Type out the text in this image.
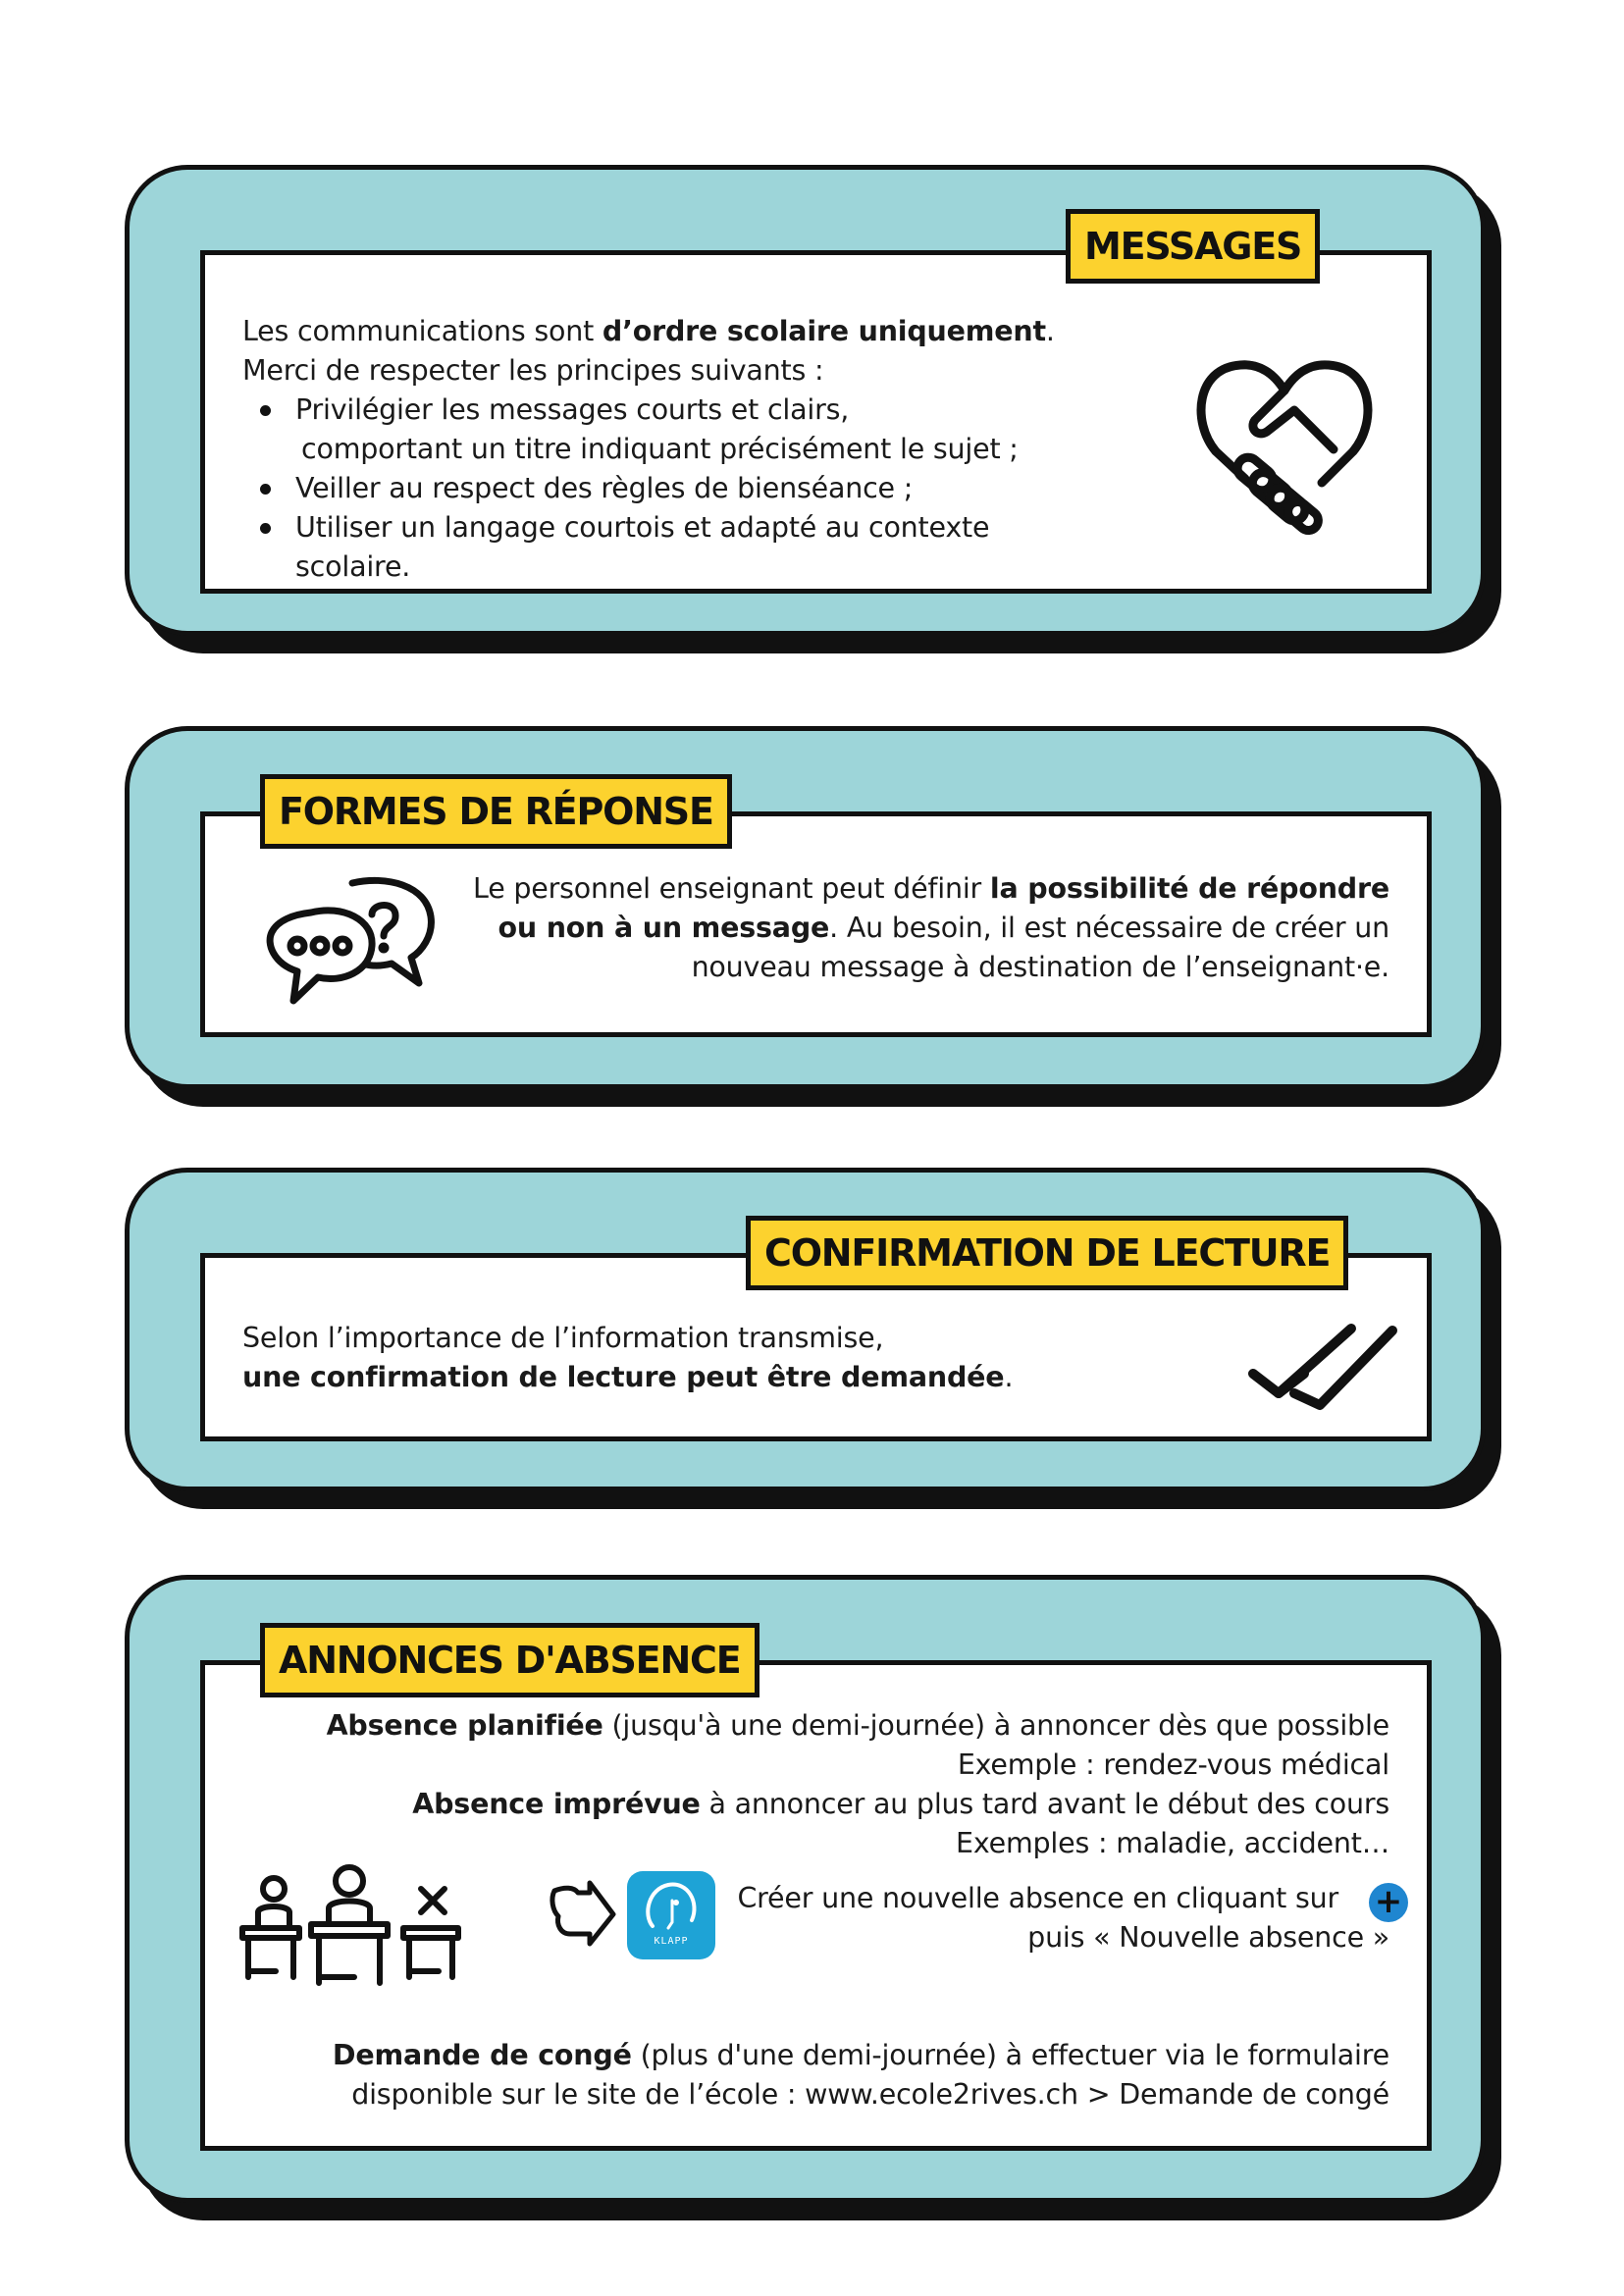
Les communications sont d’ordre scolaire uniquement.
Merci de respecter les principes suivants :
Privilégier les messages courts et clairs,
comportant un titre indiquant précisément le sujet ;
Veiller au respect des règles de bienséance ;
Utiliser un langage courtois et adapté au contexte scolaire.
MESSAGES
Le personnel enseignant peut définir la possibilité de répondre
ou non à un message. Au besoin, il est nécessaire de créer un
nouveau message à destination de l’enseignant·e.
FORMES DE RÉPONSE
Selon l’importance de l’information transmise,
une confirmation de lecture peut être demandée.
CONFIRMATION DE LECTURE
Absence planifiée (jusqu'à une demi-journée) à annoncer dès que possible
Exemple : rendez-vous médical
Absence imprévue à annoncer au plus tard avant le début des cours
Exemples : maladie, accident…
KLAPP
Créer une nouvelle absence en cliquant sur
puis « Nouvelle absence »
+
Demande de congé (plus d'une demi-journée) à effectuer via le formulaire
disponible sur le site de l’école : www.ecole2rives.ch > Demande de congé
ANNONCES D'ABSENCE
